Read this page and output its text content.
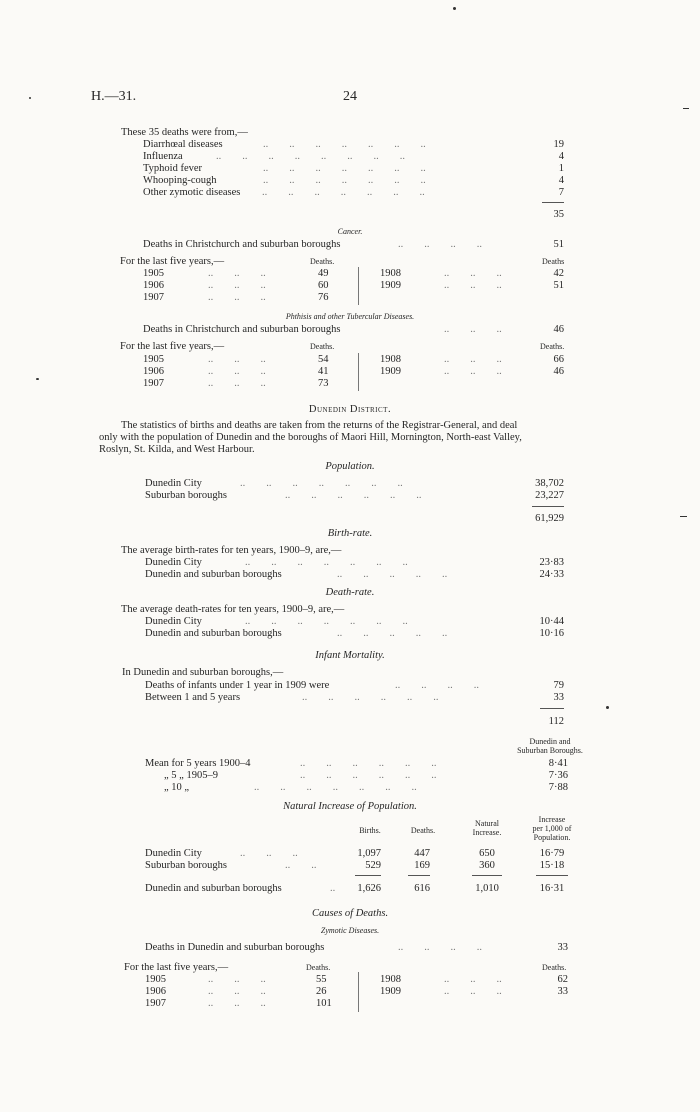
H.—31.	24
These 35 deaths were from,—
Diarrhœal diseases	..        ..        ..        ..        ..        ..        ..	19
Influenza	..        ..        ..        ..        ..        ..        ..        ..	4
Typhoid fever	..        ..        ..        ..        ..        ..        ..	1
Whooping-cough	..        ..        ..        ..        ..        ..        ..	4
Other zymotic diseases ..        ..        ..        ..        ..        ..        ..	7
35
Cancer.
Deaths in Christchurch and suburban boroughs	..        ..        ..        ..	51
For the last five years,—	Deaths.	Deaths
1905	..        ..        ..	49
1906	..        ..        ..	60
1907	..        ..        ..	76
1908	..        ..        ..	42
1909	..        ..        ..	51
Phthisis and other Tubercular Diseases.
Deaths in Christchurch and suburban boroughs	..        ..        ..	46
For the last five years,—	Deaths.	Deaths.
1905	..        ..        ..	54
1906	..        ..        ..	41
1907	..        ..        ..	73
1908	..        ..        ..	66
1909	..        ..        ..	46
Dunedin District.
The statistics of births and deaths are taken from the returns of the Registrar-General, and deal
only with the population of Dunedin and the boroughs of Maori Hill, Mornington, North-east Valley,
Roslyn, St. Kilda, and West Harbour.
Population.
Dunedin City	..        ..        ..        ..        ..        ..        ..	38,702
Suburban boroughs	..        ..        ..        ..        ..        ..	23,227
61,929
Birth-rate.
The average birth-rates for ten years, 1900–9, are,—
Dunedin City	..        ..        ..        ..        ..        ..        ..	23·83
Dunedin and suburban boroughs	..        ..        ..        ..        ..	24·33
Death-rate.
The average death-rates for ten years, 1900–9, are,—
Dunedin City	..        ..        ..        ..        ..        ..        ..	10·44
Dunedin and suburban boroughs	..        ..        ..        ..        ..	10·16
Infant Mortality.
In Dunedin and suburban boroughs,—
Deaths of infants under 1 year in 1909 were	..        ..        ..        ..	79
Between 1 and 5 years	..        ..        ..        ..        ..        ..	33
112
Dunedin and
Suburban Boroughs.
Mean for 5 years 1900–4	..        ..        ..        ..        ..        ..	8·41
„ 5 „ 1905–9	..        ..        ..        ..        ..        ..	7·36
„ 10 „	..        ..        ..        ..        ..        ..        ..	7·88
Natural Increase of Population.
Births.	Deaths.
Natural
Increase.
Increase
per 1,000 of
Population.
Dunedin City	..        ..        ..	1,097	447	650	16·79
Suburban boroughs	..        ..	529	169	360	15·18
Dunedin and suburban boroughs	..	1,626	616	1,010	16·31
Causes of Deaths.
Zymotic Diseases.
Deaths in Dunedin and suburban boroughs	..        ..        ..        ..	33
For the last five years,—	Deaths.	Deaths.
1905	..        ..        ..	55
1906	..        ..        ..	26
1907	..        ..        ..	101
1908	..        ..        ..	62
1909	..        ..        ..	33
